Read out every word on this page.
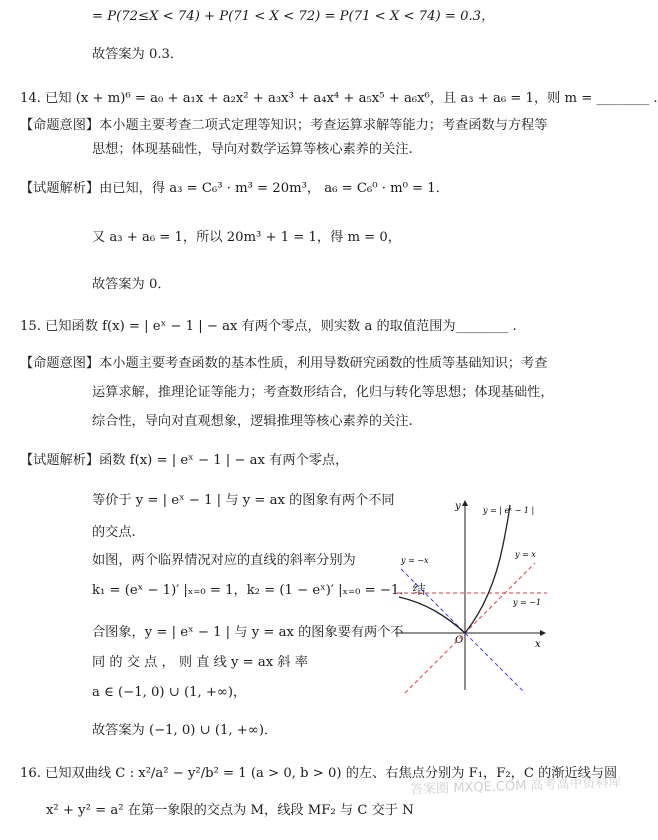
= P(72≤X < 74) + P(71 < X < 72) = P(71 < X < 74) = 0.3，
故答案为 0.3．
14. 已知 (x + m)⁶ = a₀ + a₁x + a₂x² + a₃x³ + a₄x⁴ + a₅x⁵ + a₆x⁶，且 a₃ + a₆ = 1，则 m = ________ .
【命题意图】本小题主要考查二项式定理等知识；考查运算求解等能力；考查函数与方程等
思想；体现基础性，导向对数学运算等核心素养的关注.
【试题解析】由已知，得 a₃ = C₆³ · m³ = 20m³， a₆ = C₆⁰ · m⁰ = 1．
又 a₃ + a₆ = 1，所以 20m³ + 1 = 1，得 m = 0，
故答案为 0．
15. 已知函数 f(x) = | eˣ − 1 | − ax 有两个零点，则实数 a 的取值范围为________ .
【命题意图】本小题主要考查函数的基本性质，利用导数研究函数的性质等基础知识；考查
运算求解，推理论证等能力；考查数形结合，化归与转化等思想；体现基础性，
综合性，导向对直观想象，逻辑推理等核心素养的关注.
【试题解析】函数 f(x) = | eˣ − 1 | − ax 有两个零点，
等价于 y = | eˣ − 1 | 与 y = ax 的图象有两个不同
的交点.
如图，两个临界情况对应的直线的斜率分别为
k₁ = (eˣ − 1)′ |ₓ₌₀ = 1，k₂ = (1 − eˣ)′ |ₓ₌₀ = −1．结
合图象，y = | eˣ − 1 | 与 y = ax 的图象要有两个不
同 的 交 点 ， 则 直 线 y = ax 斜 率
a ∈ (−1, 0) ∪ (1, +∞)，
故答案为 (−1, 0) ∪ (1, +∞)．
16. 已知双曲线 C : x²/a² − y²/b² = 1 (a > 0, b > 0) 的左、右焦点分别为 F₁，F₂，C 的渐近线与圆
x² + y² = a² 在第一象限的交点为 M，线段 MF₂ 与 C 交于 N
x
y
O
y = | eˣ − 1 |
y = −x
y = x
y = −1
答案圈 MXQE.COM 高考高中资料库
